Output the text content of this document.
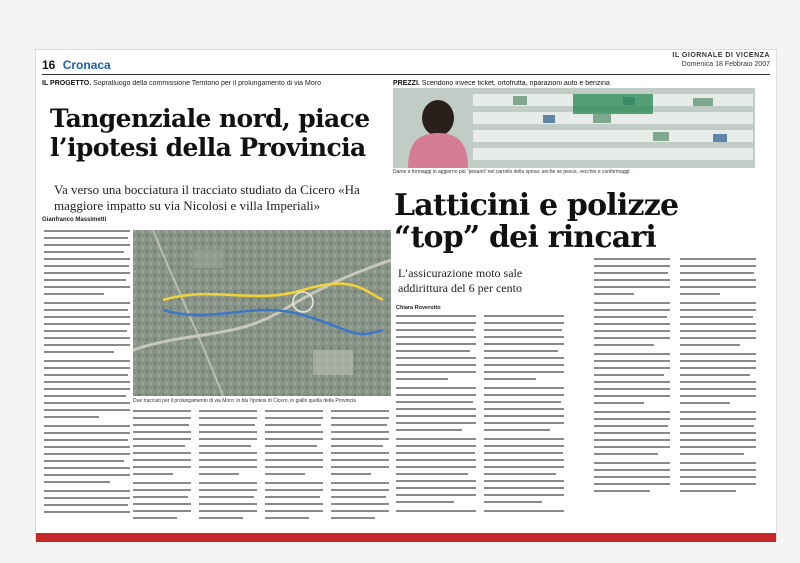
16 Cronaca
IL GIORNALE DI VICENZA
Domenica 18 Febbraio 2007
IL PROGETTO. Sopralluogo della commissione Territorio per il prolungamento di via Moro
Tangenziale nord, piace
l’ipotesi della Provincia
Va verso una bocciatura il tracciato studiato da Cicero «Ha maggiore impatto su via Nicolosi e villa Imperiali»
Gianfranco Massimetti
Due tracciati per il prolungamento di via Moro: in blu l’ipotesi di Cicero, in giallo quella della Provincia
PREZZI. Scendono invece ticket, ortofrutta, riparazioni auto e benzina
Dame e formaggi in aggiorno più “pesanti” nel carrello della spesa: anche se pesce, vecchio e conformaggi
Latticini e polizze
“top” dei rincari
L’assicurazione moto sale addirittura del 6 per cento
Chiara Roverotto
